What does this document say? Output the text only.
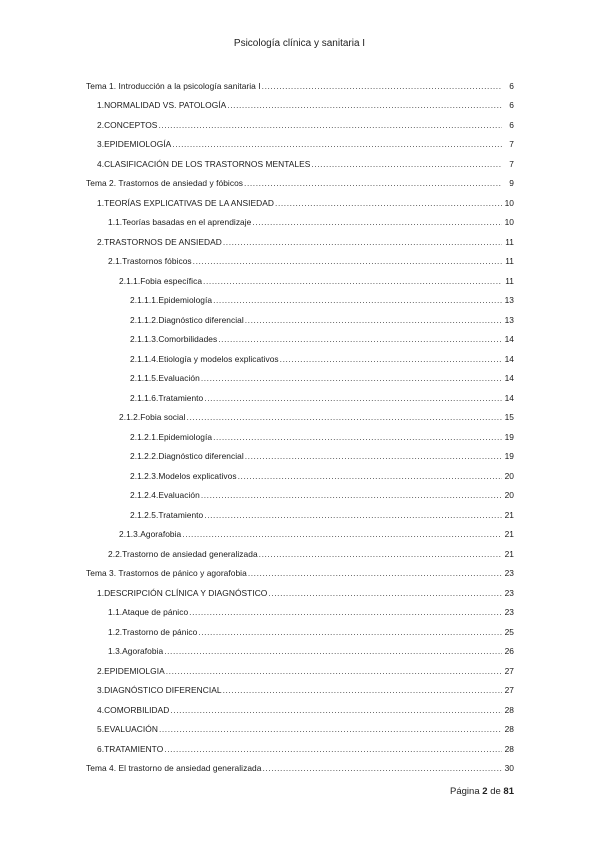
Psicología clínica y sanitaria I
Tema 1. Introducción a la psicología sanitaria I .....	6
1.NORMALIDAD VS. PATOLOGÍA .....	6
2.CONCEPTOS .....	6
3.EPIDEMIOLOGÍA .....	7
4.CLASIFICACIÓN DE LOS TRASTORNOS MENTALES .....	7
Tema 2. Trastornos de ansiedad y fóbicos .....	9
1.TEORÍAS EXPLICATIVAS DE LA ANSIEDAD .....	10
1.1.Teorías basadas en el aprendizaje .....	10
2.TRASTORNOS DE ANSIEDAD .....	11
2.1.Trastornos fóbicos .....	11
2.1.1.Fobia específica .....	11
2.1.1.1.Epidemiología .....	13
2.1.1.2.Diagnóstico diferencial .....	13
2.1.1.3.Comorbilidades .....	14
2.1.1.4.Etiología y modelos explicativos .....	14
2.1.1.5.Evaluación .....	14
2.1.1.6.Tratamiento .....	14
2.1.2.Fobia social .....	15
2.1.2.1.Epidemiología .....	19
2.1.2.2.Diagnóstico diferencial .....	19
2.1.2.3.Modelos explicativos .....	20
2.1.2.4.Evaluación .....	20
2.1.2.5.Tratamiento .....	21
2.1.3.Agorafobia .....	21
2.2.Trastorno de ansiedad generalizada .....	21
Tema 3. Trastornos de pánico y agorafobia .....	23
1.DESCRIPCIÓN CLÍNICA Y DIAGNÓSTICO .....	23
1.1.Ataque de pánico .....	23
1.2.Trastorno de pánico .....	25
1.3.Agorafobia .....	26
2.EPIDEMIOLGIA .....	27
3.DIAGNÓSTICO DIFERENCIAL .....	27
4.COMORBILIDAD .....	28
5.EVALUACIÓN .....	28
6.TRATAMIENTO .....	28
Tema 4. El trastorno de ansiedad generalizada .....	30
Página 2 de 81
